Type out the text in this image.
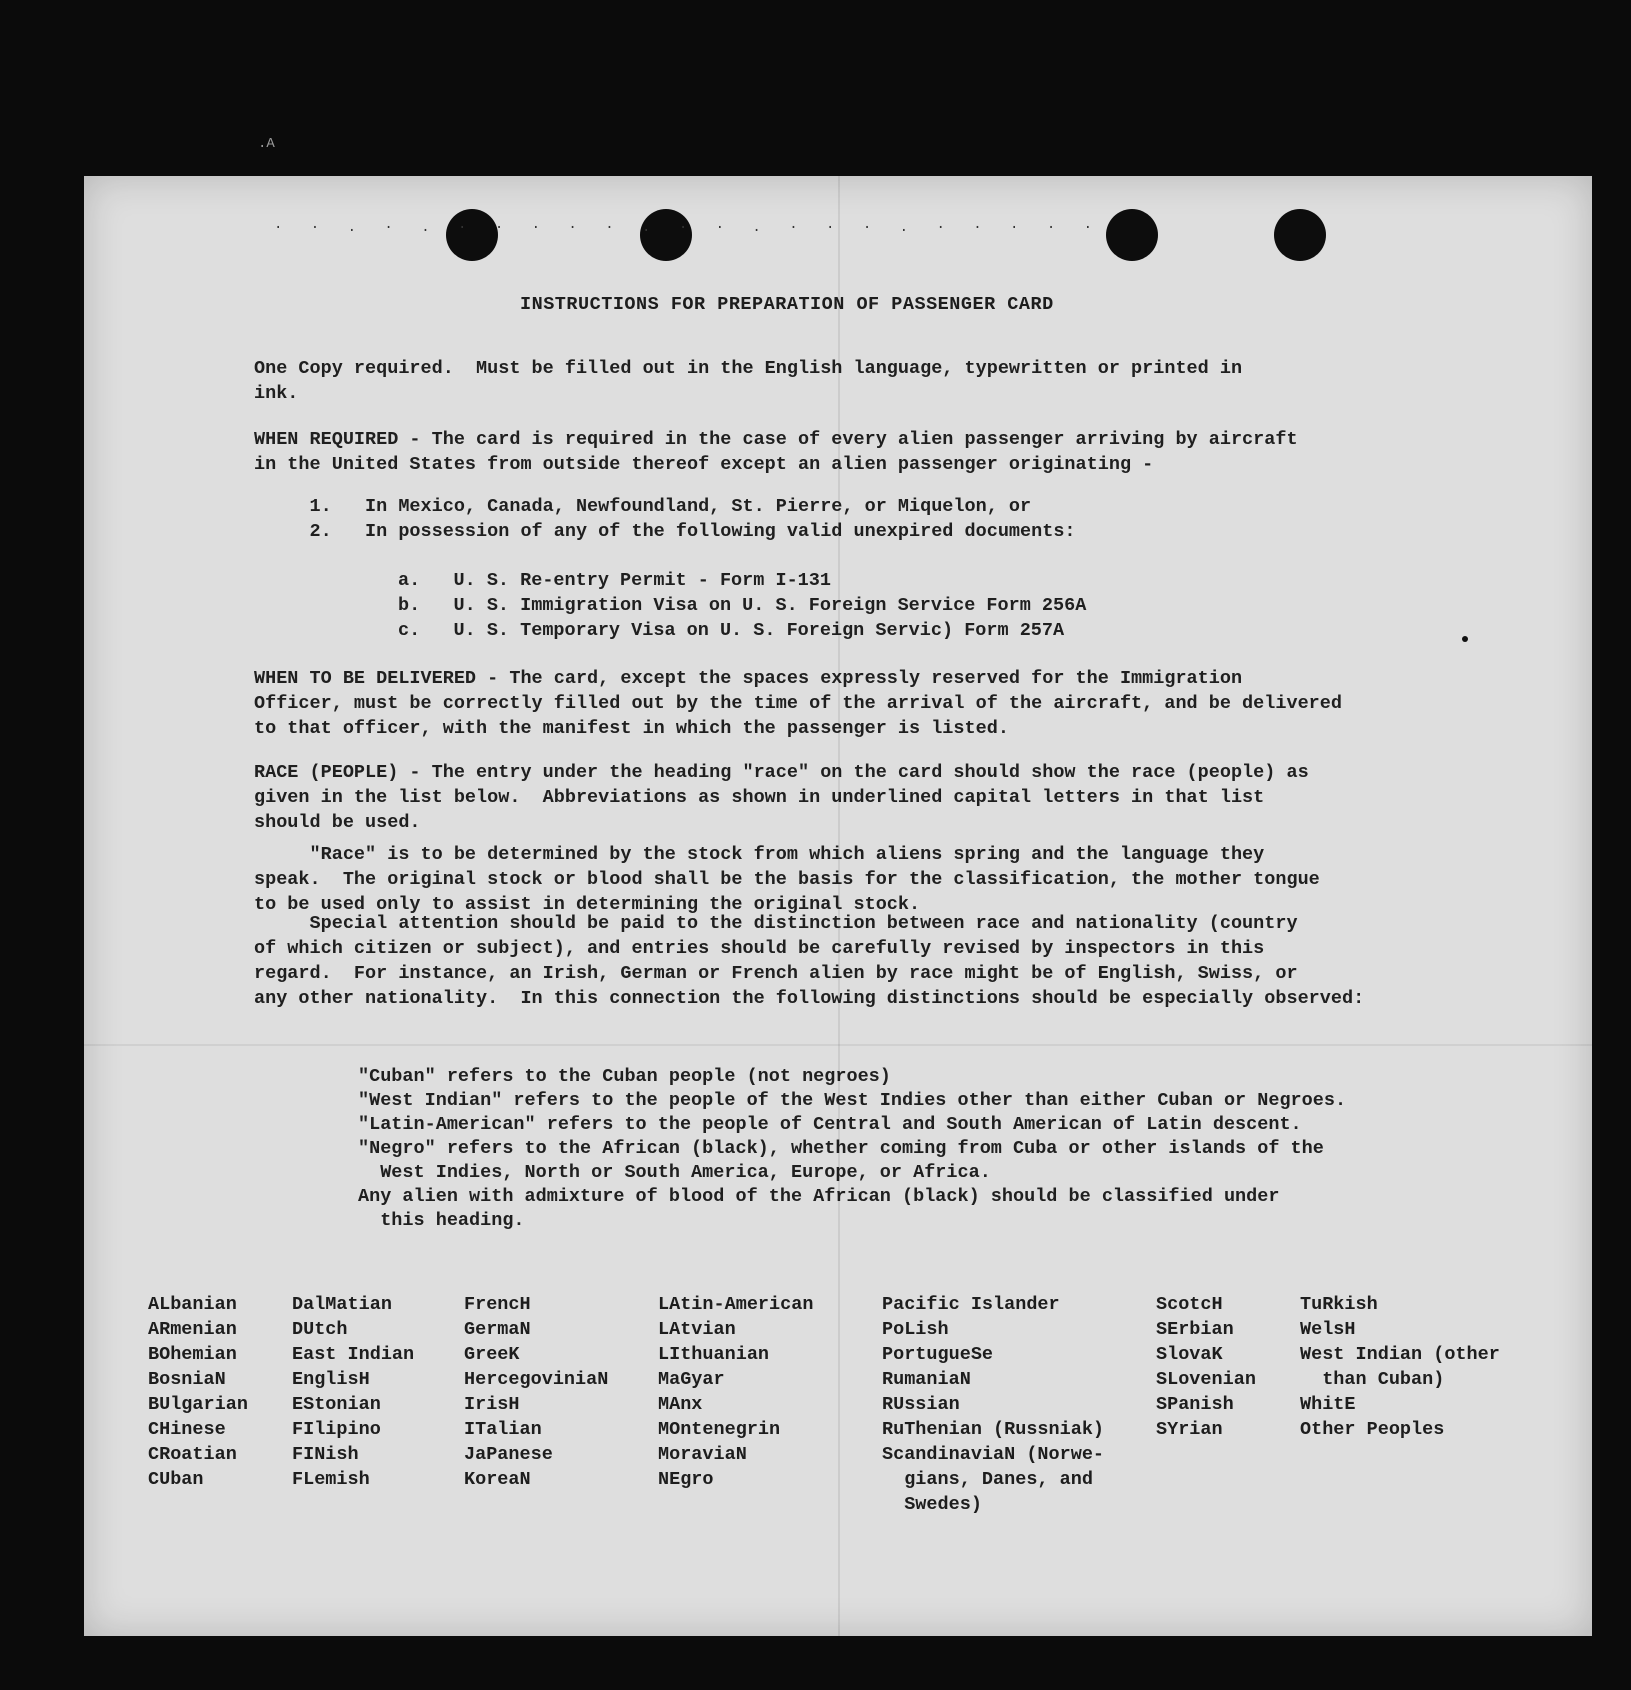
.A
· · . · . · · · · · . · · . · · · . · · · · ·
INSTRUCTIONS FOR PREPARATION OF PASSENGER CARD
One Copy required.  Must be filled out in the English language, typewritten or printed in
ink.
WHEN REQUIRED - The card is required in the case of every alien passenger arriving by aircraft
in the United States from outside thereof except an alien passenger originating -
1.   In Mexico, Canada, Newfoundland, St. Pierre, or Miquelon, or
2.   In possession of any of the following valid unexpired documents:
a.   U. S. Re-entry Permit - Form I-131
b.   U. S. Immigration Visa on U. S. Foreign Service Form 256A
c.   U. S. Temporary Visa on U. S. Foreign Servic) Form 257A
WHEN TO BE DELIVERED - The card, except the spaces expressly reserved for the Immigration
Officer, must be correctly filled out by the time of the arrival of the aircraft, and be delivered
to that officer, with the manifest in which the passenger is listed.
RACE (PEOPLE) - The entry under the heading "race" on the card should show the race (people) as
given in the list below.  Abbreviations as shown in underlined capital letters in that list
should be used.
"Race" is to be determined by the stock from which aliens spring and the language they
speak.  The original stock or blood shall be the basis for the classification, the mother tongue
to be used only to assist in determining the original stock.
Special attention should be paid to the distinction between race and nationality (country
of which citizen or subject), and entries should be carefully revised by inspectors in this
regard.  For instance, an Irish, German or French alien by race might be of English, Swiss, or
any other nationality.  In this connection the following distinctions should be especially observed:
"Cuban" refers to the Cuban people (not negroes)
"West Indian" refers to the people of the West Indies other than either Cuban or Negroes.
"Latin-American" refers to the people of Central and South American of Latin descent.
"Negro" refers to the African (black), whether coming from Cuba or other islands of the
West Indies, North or South America, Europe, or Africa.
Any alien with admixture of blood of the African (black) should be classified under
this heading.
ALbanian
ARmenian
BOhemian
BosniaN
BUlgarian
CHinese
CRoatian
CUban
DalMatian
DUtch
East Indian
EnglisH
EStonian
FIlipino
FINish
FLemish
FrencH
GermaN
GreeK
HercegoviniaN
IrisH
ITalian
JaPanese
KoreaN
LAtin-American
LAtvian
LIthuanian
MaGyar
MAnx
MOntenegrin
MoraviaN
NEgro
Pacific Islander
PoLish
PortugueSe
RumaniaN
RUssian
RuThenian (Russniak)
ScandinaviaN (Norwe-
gians, Danes, and
Swedes)
ScotcH
SErbian
SlovaK
SLovenian
SPanish
SYrian
TuRkish
WelsH
West Indian (other
than Cuban)
WhitE
Other Peoples
